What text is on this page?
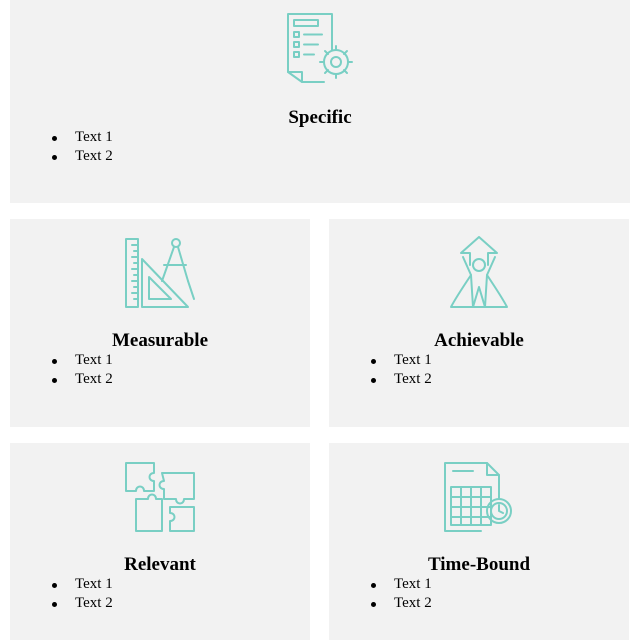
Specific
Text 1
Text 2
Measurable
Text 1
Text 2
Achievable
Text 1
Text 2
Relevant
Text 1
Text 2
Time-Bound
Text 1
Text 2
